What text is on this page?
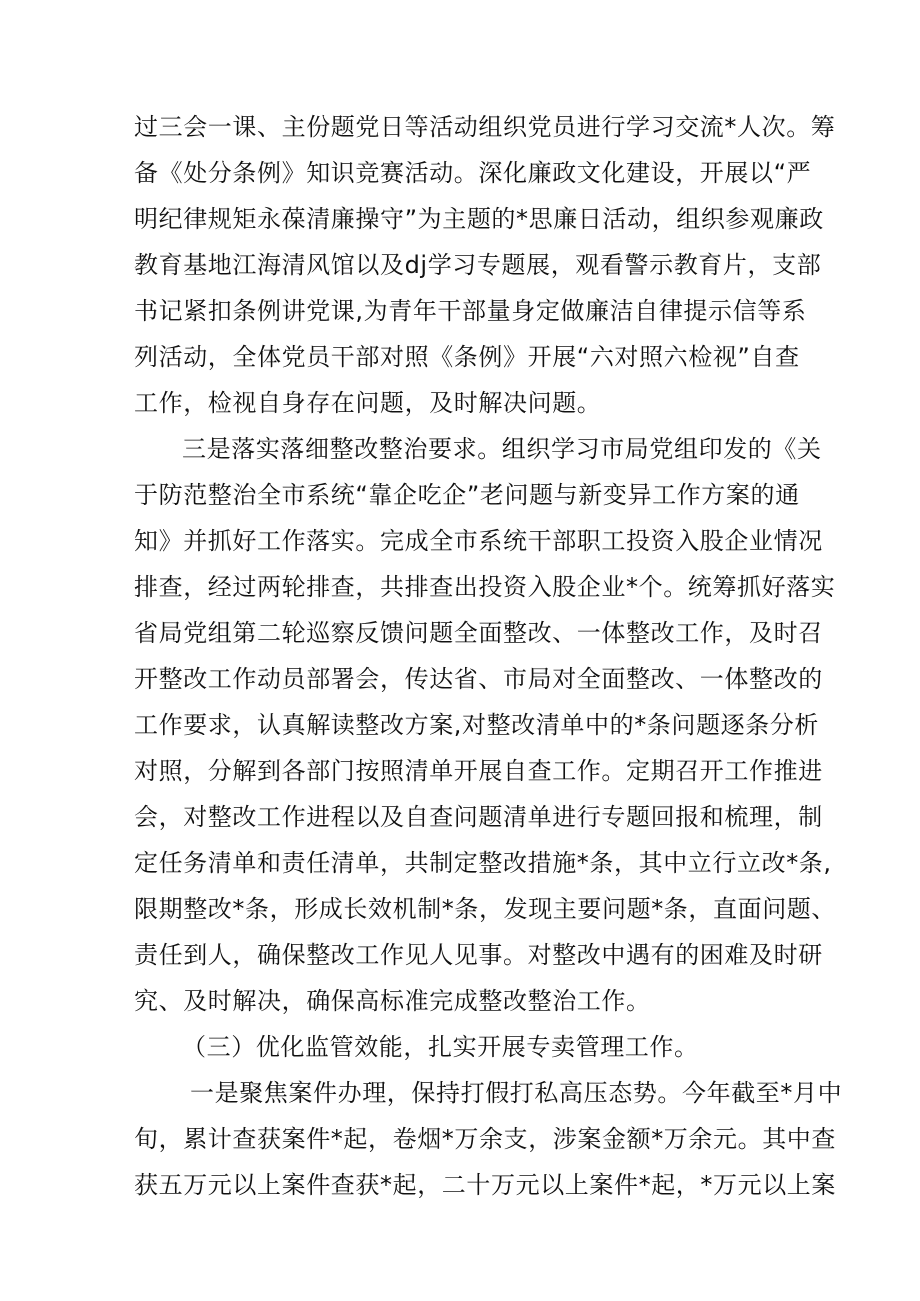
过三会一课、主份题党日等活动组织党员进行学习交流*人次。筹
备《处分条例》知识竞赛活动。深化廉政文化建设，开展以“严
明纪律规矩永葆清廉操守”为主题的*思廉日活动，组织参观廉政
教育基地江海清风馆以及dj学习专题展，观看警示教育片，支部
书记紧扣条例讲党课,为青年干部量身定做廉洁自律提示信等系
列活动，全体党员干部对照《条例》开展“六对照六检视”自查
工作，检视自身存在问题，及时解决问题。
三是落实落细整改整治要求。组织学习市局党组印发的《关
于防范整治全市系统“靠企吃企”老问题与新变异工作方案的通
知》并抓好工作落实。完成全市系统干部职工投资入股企业情况
排查，经过两轮排查，共排查出投资入股企业*个。统筹抓好落实
省局党组第二轮巡察反馈问题全面整改、一体整改工作，及时召
开整改工作动员部署会，传达省、市局对全面整改、一体整改的
工作要求，认真解读整改方案,对整改清单中的*条问题逐条分析
对照，分解到各部门按照清单开展自查工作。定期召开工作推进
会，对整改工作进程以及自查问题清单进行专题回报和梳理，制
定任务清单和责任清单，共制定整改措施*条，其中立行立改*条,
限期整改*条，形成长效机制*条，发现主要问题*条，直面问题、
责任到人，确保整改工作见人见事。对整改中遇有的困难及时研
究、及时解决，确保高标准完成整改整治工作。
（三）优化监管效能，扎实开展专卖管理工作。
一是聚焦案件办理，保持打假打私高压态势。今年截至*月中
旬，累计查获案件*起，卷烟*万余支，涉案金额*万余元。其中查
获五万元以上案件查获*起，二十万元以上案件*起，*万元以上案
